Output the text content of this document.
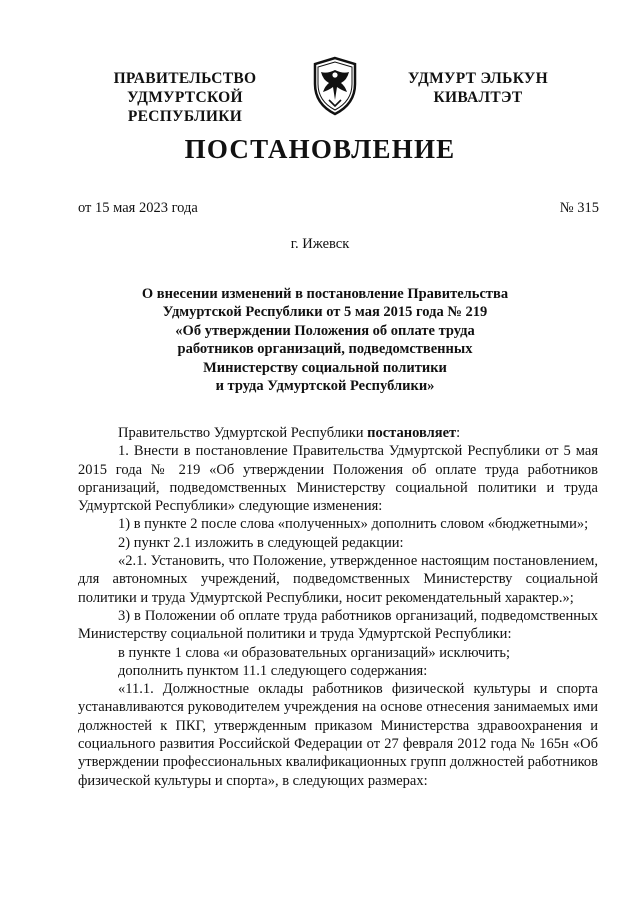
ПРАВИТЕЛЬСТВО
УДМУРТСКОЙ РЕСПУБЛИКИ
УДМУРТ ЭЛЬКУН
КИВАЛТЭТ
ПОСТАНОВЛЕНИЕ
от 15 мая 2023 года	№ 315
г. Ижевск
О внесении изменений в постановление Правительства
Удмуртской Республики от 5 мая 2015 года № 219
«Об утверждении Положения об оплате труда
работников организаций, подведомственных
Министерству социальной политики
и труда Удмуртской Республики»

Правительство Удмуртской Республики постановляет:

1. Внести в постановление Правительства Удмуртской Республики от 5 мая 2015 года № 219 «Об утверждении Положения об оплате труда работников организаций, подведомственных Министерству социальной политики и труда Удмуртской Республики» следующие изменения:

1) в пункте 2 после слова «полученных» дополнить словом «бюджетными»;

2) пункт 2.1 изложить в следующей редакции:

«2.1. Установить, что Положение, утвержденное настоящим постановлением, для автономных учреждений, подведомственных Министерству социальной политики и труда Удмуртской Республики, носит рекомендательный характер.»;

3) в Положении об оплате труда работников организаций, подведомственных Министерству социальной политики и труда Удмуртской Республики:

в пункте 1 слова «и образовательных организаций» исключить;

дополнить пунктом 11.1 следующего содержания:

«11.1. Должностные оклады работников физической культуры и спорта устанавливаются руководителем учреждения на основе отнесения занимаемых ими должностей к ПКГ, утвержденным приказом Министерства здравоохранения и социального развития Российской Федерации от 27 февраля 2012 года № 165н «Об утверждении профессиональных квалификационных групп должностей работников физической культуры и спорта», в следующих размерах:
